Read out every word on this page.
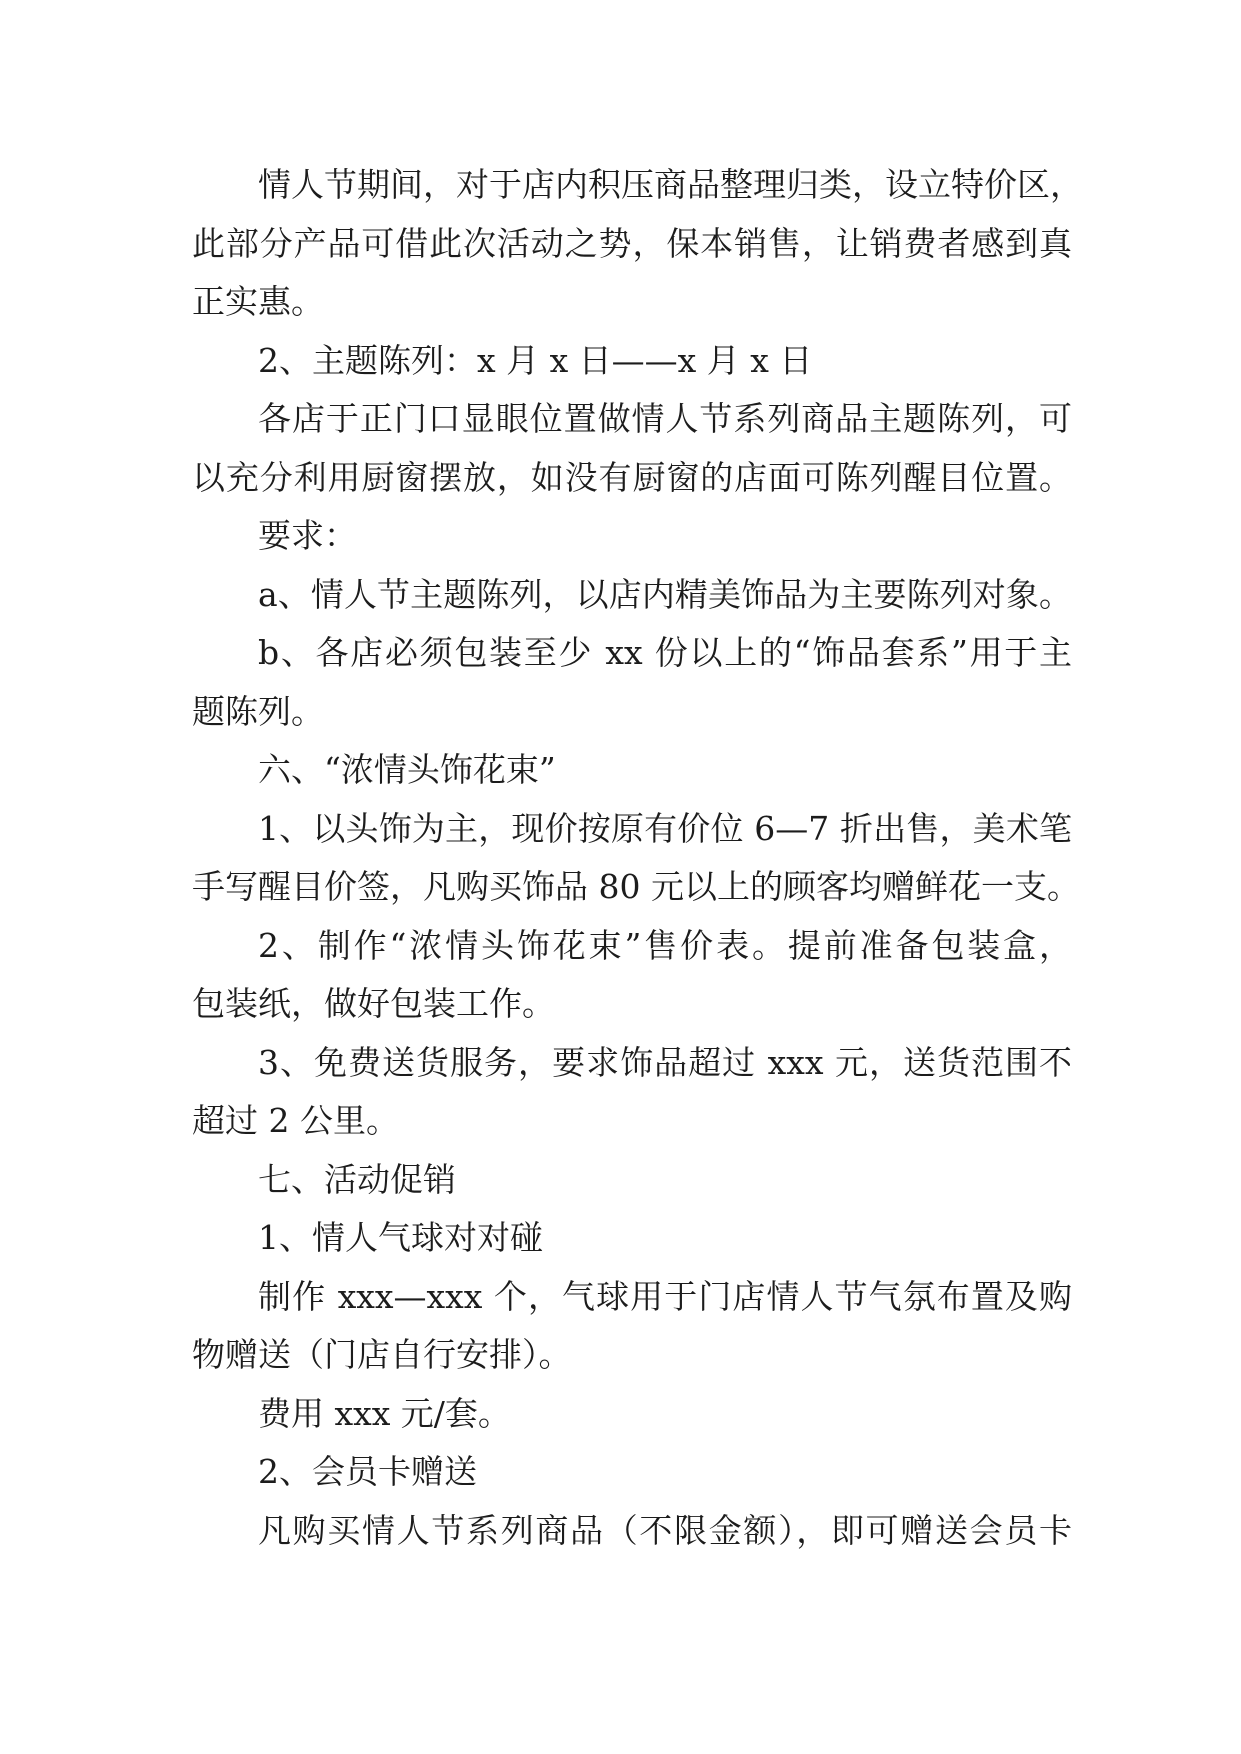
情人节期间，对于店内积压商品整理归类，设立特价区，
此部分产品可借此次活动之势，保本销售，让销费者感到真
正实惠。
2、主题陈列：x 月 x 日——x 月 x 日
各店于正门口显眼位置做情人节系列商品主题陈列，可
以充分利用厨窗摆放，如没有厨窗的店面可陈列醒目位置。
要求：
a、情人节主题陈列，以店内精美饰品为主要陈列对象。
b、各店必须包装至少 xx 份以上的“饰品套系”用于主
题陈列。
六、“浓情头饰花束”
1、以头饰为主，现价按原有价位 6—7 折出售，美术笔
手写醒目价签，凡购买饰品 80 元以上的顾客均赠鲜花一支。
2、制作“浓情头饰花束”售价表。提前准备包装盒，
包装纸，做好包装工作。
3、免费送货服务，要求饰品超过 xxx 元，送货范围不
超过 2 公里。
七、活动促销
1、情人气球对对碰
制作 xxx—xxx 个，气球用于门店情人节气氛布置及购
物赠送（门店自行安排）。
费用 xxx 元/套。
2、会员卡赠送
凡购买情人节系列商品（不限金额），即可赠送会员卡
